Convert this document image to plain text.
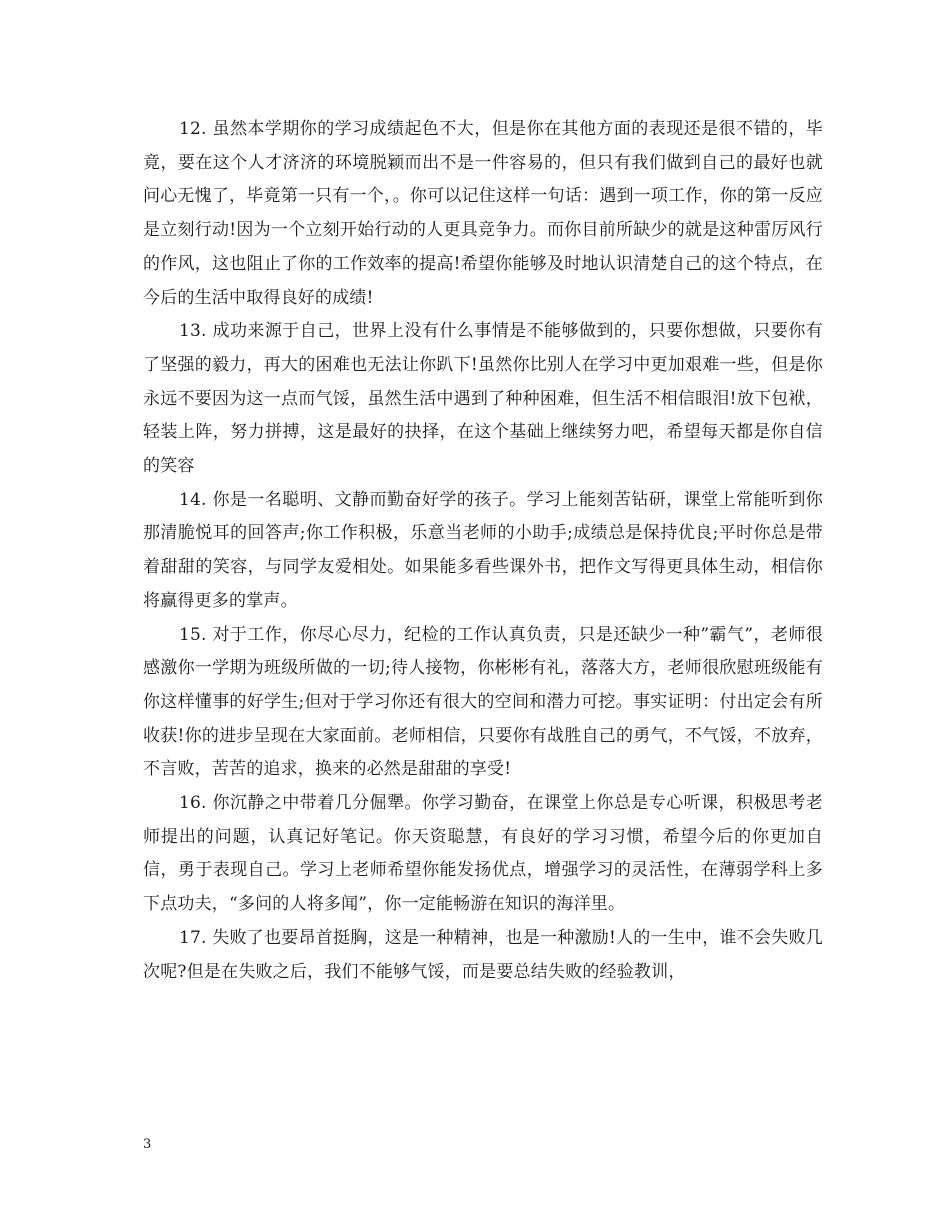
12. 虽然本学期你的学习成绩起色不大，但是你在其他方面的表现还是很不错的，毕竟，要在这个人才济济的环境脱颖而出不是一件容易的，但只有我们做到自己的最好也就问心无愧了，毕竟第一只有一个，。你可以记住这样一句话：遇到一项工作，你的第一反应是立刻行动!因为一个立刻开始行动的人更具竞争力。而你目前所缺少的就是这种雷厉风行的作风，这也阻止了你的工作效率的提高!希望你能够及时地认识清楚自己的这个特点，在今后的生活中取得良好的成绩!

13. 成功来源于自己，世界上没有什么事情是不能够做到的，只要你想做，只要你有了坚强的毅力，再大的困难也无法让你趴下!虽然你比别人在学习中更加艰难一些，但是你永远不要因为这一点而气馁，虽然生活中遇到了种种困难，但生活不相信眼泪!放下包袱，轻装上阵，努力拼搏，这是最好的抉择，在这个基础上继续努力吧，希望每天都是你自信的笑容

14. 你是一名聪明、文静而勤奋好学的孩子。学习上能刻苦钻研，课堂上常能听到你那清脆悦耳的回答声;你工作积极，乐意当老师的小助手;成绩总是保持优良;平时你总是带着甜甜的笑容，与同学友爱相处。如果能多看些课外书，把作文写得更具体生动，相信你将赢得更多的掌声。

15. 对于工作，你尽心尽力，纪检的工作认真负责，只是还缺少一种”霸气”，老师很感激你一学期为班级所做的一切;待人接物，你彬彬有礼，落落大方，老师很欣慰班级能有你这样懂事的好学生;但对于学习你还有很大的空间和潜力可挖。事实证明：付出定会有所收获!你的进步呈现在大家面前。老师相信，只要你有战胜自己的勇气，不气馁，不放弃，不言败，苦苦的追求，换来的必然是甜甜的享受!

16. 你沉静之中带着几分倔犟。你学习勤奋，在课堂上你总是专心听课，积极思考老师提出的问题，认真记好笔记。你天资聪慧，有良好的学习习惯，希望今后的你更加自信，勇于表现自己。学习上老师希望你能发扬优点，增强学习的灵活性，在薄弱学科上多下点功夫，“多问的人将多闻”，你一定能畅游在知识的海洋里。

17. 失败了也要昂首挺胸，这是一种精神，也是一种激励!人的一生中，谁不会失败几次呢?但是在失败之后，我们不能够气馁，而是要总结失败的经验教训，

3
